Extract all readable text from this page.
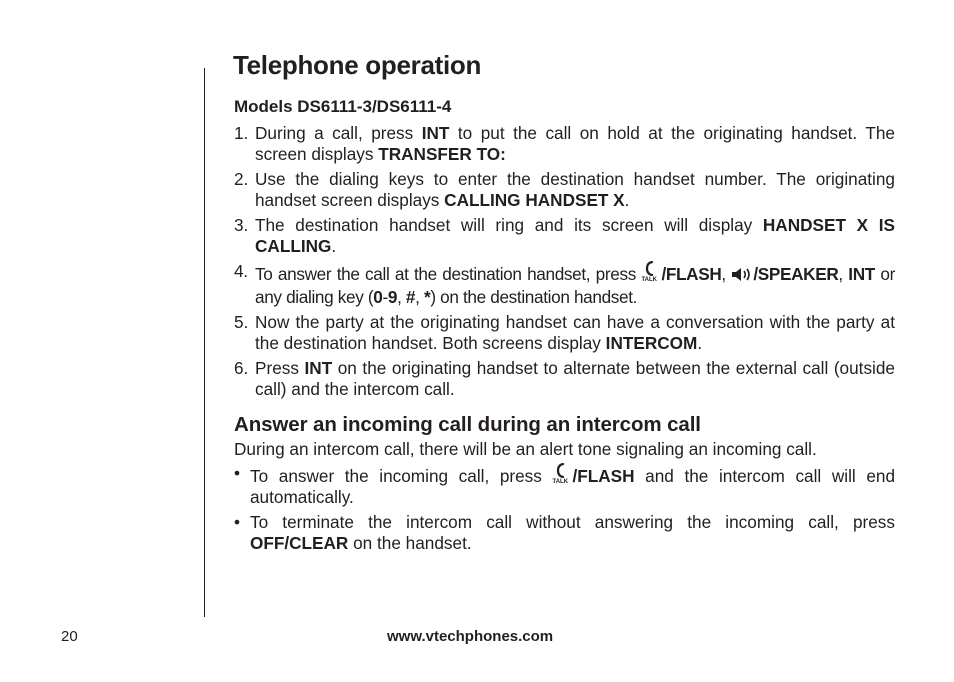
Telephone operation
Models DS6111-3/DS6111-4
1. During a call, press INT to put the call on hold at the originating handset. The screen displays TRANSFER TO:
2. Use the dialing keys to enter the destination handset number. The originating handset screen displays CALLING HANDSET X.
3. The destination handset will ring and its screen will display HANDSET X IS CALLING.
4. To answer the call at the destination handset, press TALK /FLASH, /SPEAKER, INT or any dialing key (0-9, #, *) on the destination handset.
5. Now the party at the originating handset can have a conversation with the party at the destination handset. Both screens display INTERCOM.
6. Press INT on the originating handset to alternate between the external call (outside call) and the intercom call.
Answer an incoming call during an intercom call

During an intercom call, there will be an alert tone signaling an incoming call.

• To answer the incoming call, press TALK /FLASH and the intercom call will end automatically.
• To terminate the intercom call without answering the incoming call, press OFF/CLEAR on the handset.
20	www.vtechphones.com
